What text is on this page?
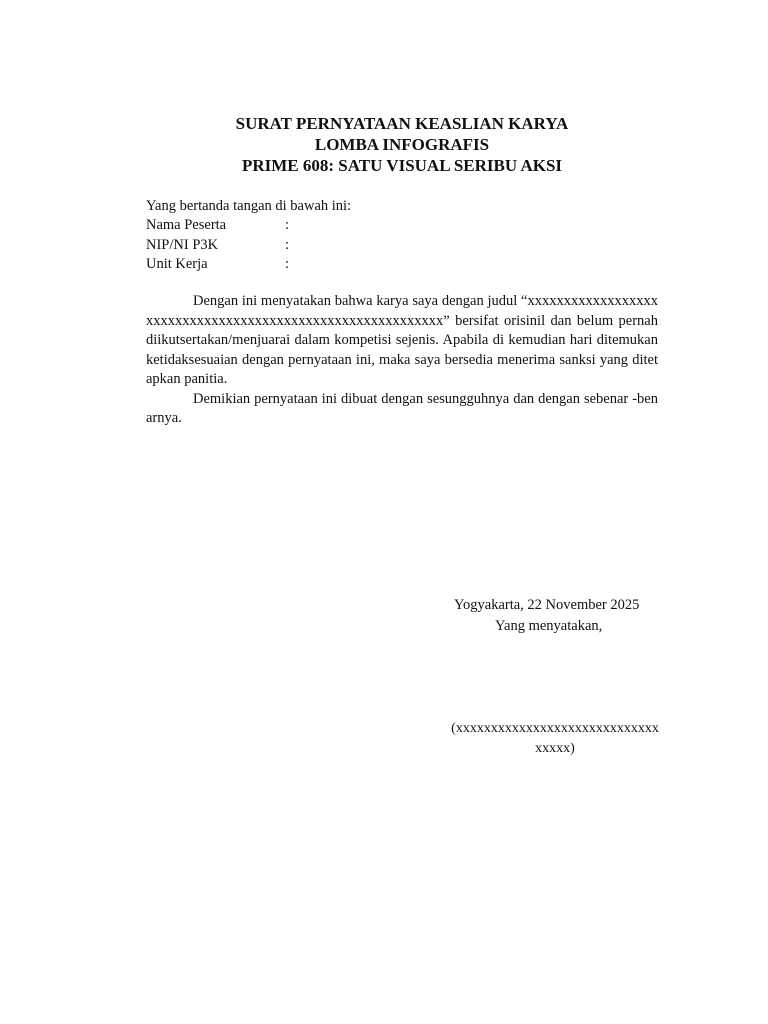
SURAT PERNYATAAN KEASLIAN KARYA
LOMBA INFOGRAFIS
PRIME 608: SATU VISUAL SERIBU AKSI
Yang bertanda tangan di bawah ini:
Nama Peserta	:
NIP/NI P3K	:
Unit Kerja	:

Dengan ini menyatakan bahwa karya saya dengan judul “xxxxxxxxxxxxxxxxxxxxxxxxxxxxxxxxxxxxxxxxxxxxxxxxxxxxxxxxxxx” bersifat orisinil dan belum pernah diikutsertakan/menjuarai dalam kompetisi sejenis. Apabila di kemudian hari ditemukan ketidaksesuaian dengan pernyataan ini, maka saya bersedia menerima sanksi yang ditetapkan panitia.

Demikian pernyataan ini dibuat dengan sesungguhnya dan dengan sebenar -benarnya.

Yogyakarta, 22 November 2025
Yang menyatakan,
(xxxxxxxxxxxxxxxxxxxxxxxxxxxxxxxxxx)
